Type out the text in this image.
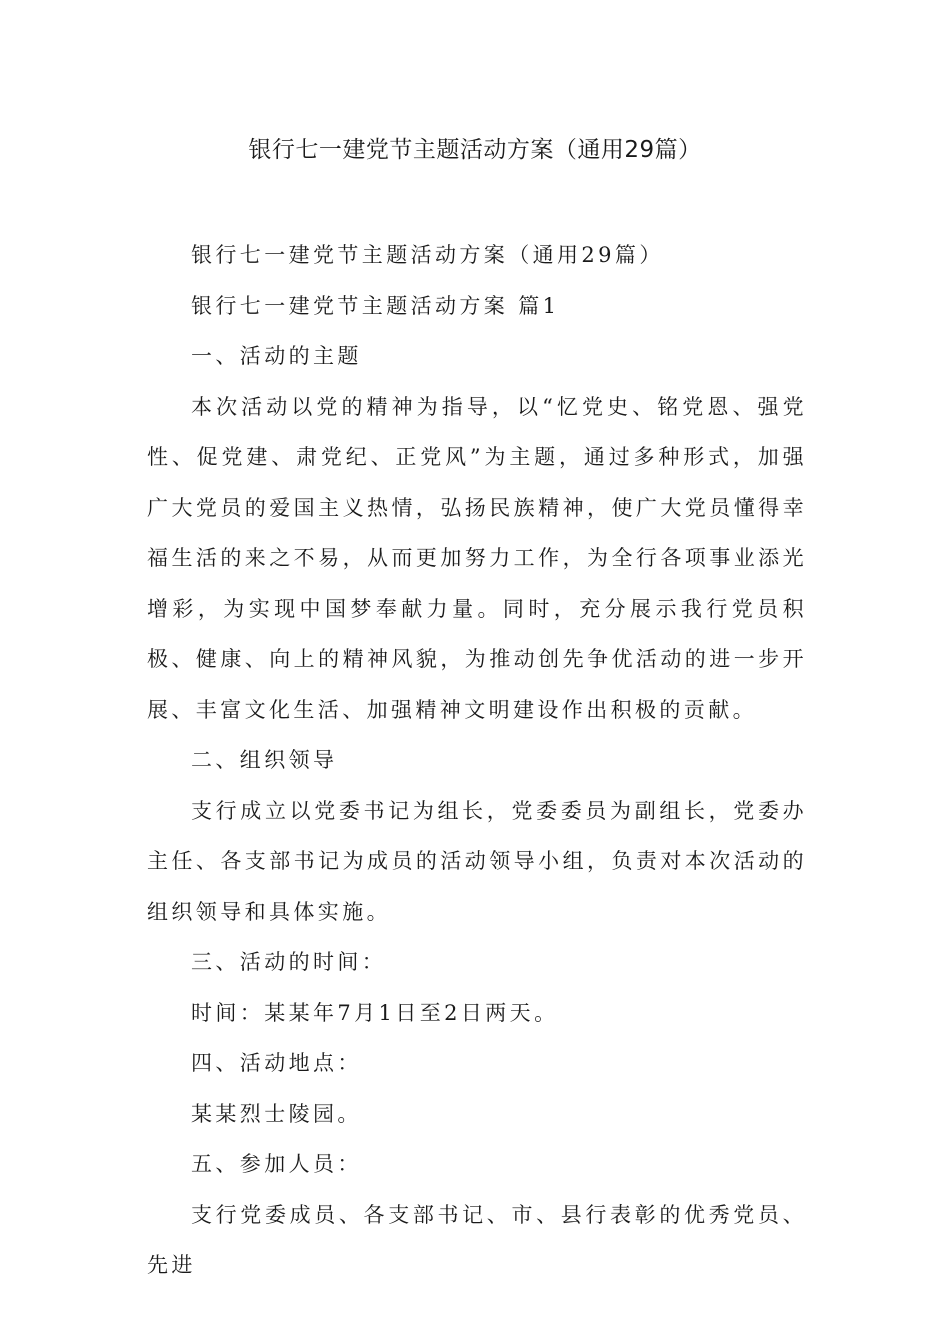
银行七一建党节主题活动方案（通用29篇）

银行七一建党节主题活动方案（通用29篇）

银行七一建党节主题活动方案 篇1

一、活动的主题

本次活动以党的精神为指导，以“忆党史、铭党恩、强党性、促党建、肃党纪、正党风”为主题，通过多种形式，加强广大党员的爱国主义热情，弘扬民族精神，使广大党员懂得幸福生活的来之不易，从而更加努力工作，为全行各项事业添光增彩，为实现中国梦奉献力量。同时，充分展示我行党员积极、健康、向上的精神风貌，为推动创先争优活动的进一步开展、丰富文化生活、加强精神文明建设作出积极的贡献。

二、组织领导

支行成立以党委书记为组长，党委委员为副组长，党委办主任、各支部书记为成员的活动领导小组，负责对本次活动的组织领导和具体实施。

三、活动的时间：

时间：某某年7月1日至2日两天。

四、活动地点：

某某烈士陵园。

五、参加人员：

支行党委成员、各支部书记、市、县行表彰的优秀党员、先进
